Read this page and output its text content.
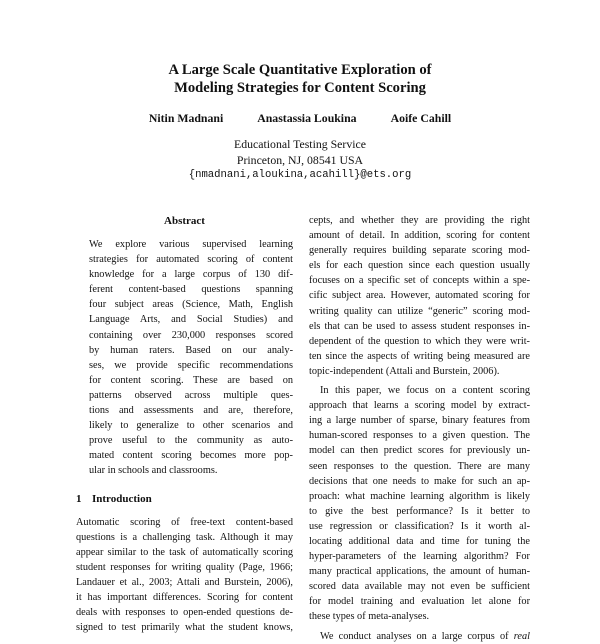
A Large Scale Quantitative Exploration of
Modeling Strategies for Content Scoring
Nitin Madnani	Anastassia Loukina	Aoife Cahill
Educational Testing Service
Princeton, NJ, 08541 USA
{nmadnani,aloukina,acahill}@ets.org
Abstract
We explore various supervised learning
strategies for automated scoring of content
knowledge for a large corpus of 130 dif-
ferent content-based questions spanning
four subject areas (Science, Math, English
Language Arts, and Social Studies) and
containing over 230,000 responses scored
by human raters. Based on our analy-
ses, we provide specific recommendations
for content scoring. These are based on
patterns observed across multiple ques-
tions and assessments and are, therefore,
likely to generalize to other scenarios and
prove useful to the community as auto-
mated content scoring becomes more pop-
ular in schools and classrooms.
1 Introduction
Automatic scoring of free-text content-based
questions is a challenging task. Although it may
appear similar to the task of automatically scoring
student responses for writing quality (Page, 1966;
Landauer et al., 2003; Attali and Burstein, 2006),
it has important differences. Scoring for content
deals with responses to open-ended questions de-
signed to test primarily what the student knows,
cepts, and whether they are providing the right
amount of detail. In addition, scoring for content
generally requires building separate scoring mod-
els for each question since each question usually
focuses on a specific set of concepts within a spe-
cific subject area. However, automated scoring for
writing quality can utilize “generic” scoring mod-
els that can be used to assess student responses in-
dependent of the question to which they were writ-
ten since the aspects of writing being measured are
topic-independent (Attali and Burstein, 2006).
In this paper, we focus on a content scoring
approach that learns a scoring model by extract-
ing a large number of sparse, binary features from
human-scored responses to a given question. The
model can then predict scores for previously un-
seen responses to the question. There are many
decisions that one needs to make for such an ap-
proach: what machine learning algorithm is likely
to give the best performance? Is it better to
use regression or classification? Is it worth al-
locating additional data and time for tuning the
hyper-parameters of the learning algorithm? For
many practical applications, the amount of human-
scored data available may not even be sufficient
for model training and evaluation let alone for
these types of meta-analyses.
We conduct analyses on a large corpus of real
